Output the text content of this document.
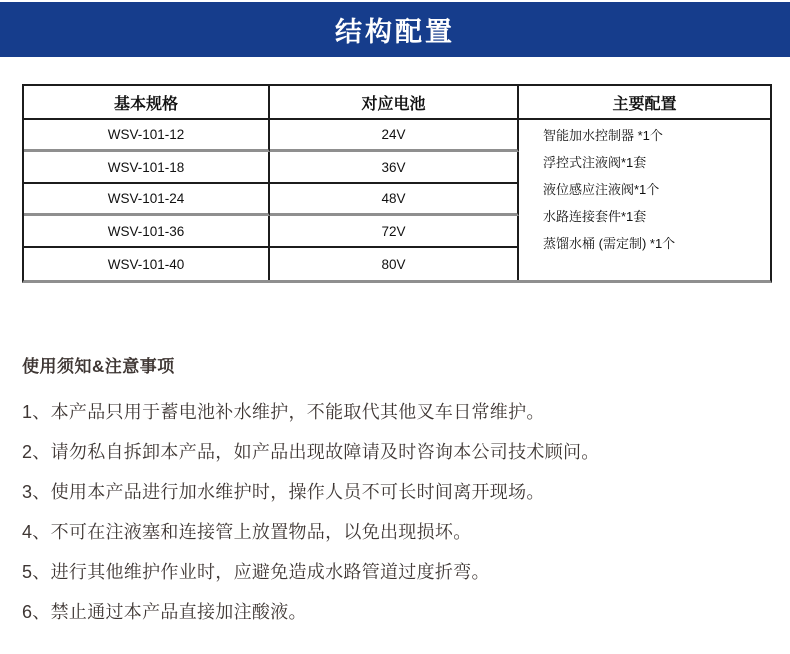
结构配置
基本规格	对应电池	主要配置
WSV-101-12	24V	智能加水控制器 *1个
浮控式注液阀*1套
液位感应注液阀*1个
水路连接套件*1套
蒸馏水桶 (需定制) *1个

WSV-101-18	36V	
WSV-101-24	48V	
WSV-101-36	72V	
WSV-101-40	80V	
使用须知&注意事项
1、本产品只用于蓄电池补水维护，不能取代其他叉车日常维护。
2、请勿私自拆卸本产品，如产品出现故障请及时咨询本公司技术顾问。
3、使用本产品进行加水维护时，操作人员不可长时间离开现场。
4、不可在注液塞和连接管上放置物品，以免出现损坏。
5、进行其他维护作业时，应避免造成水路管道过度折弯。
6、禁止通过本产品直接加注酸液。
